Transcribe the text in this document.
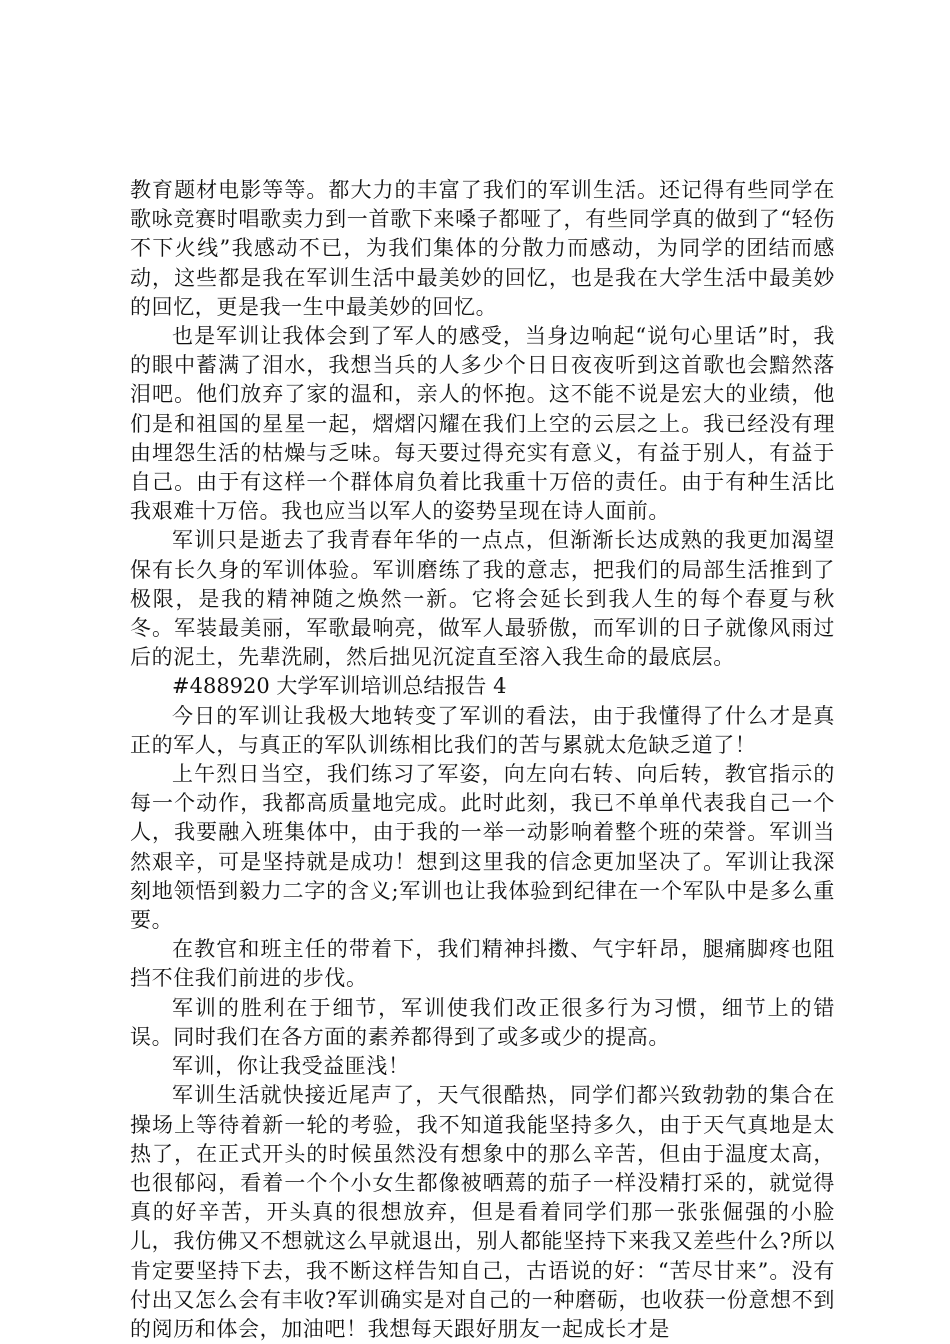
教育题材电影等等。都大力的丰富了我们的军训生活。还记得有些同学在歌咏竞赛时唱歌卖力到一首歌下来嗓子都哑了，有些同学真的做到了“轻伤不下火线”我感动不已，为我们集体的分散力而感动，为同学的团结而感动，这些都是我在军训生活中最美妙的回忆，也是我在大学生活中最美妙的回忆，更是我一生中最美妙的回忆。

也是军训让我体会到了军人的感受，当身边响起“说句心里话”时，我的眼中蓄满了泪水，我想当兵的人多少个日日夜夜听到这首歌也会黯然落泪吧。他们放弃了家的温和，亲人的怀抱。这不能不说是宏大的业绩，他们是和祖国的星星一起，熠熠闪耀在我们上空的云层之上。我已经没有理由埋怨生活的枯燥与乏味。每天要过得充实有意义，有益于别人，有益于自己。由于有这样一个群体肩负着比我重十万倍的责任。由于有种生活比我艰难十万倍。我也应当以军人的姿势呈现在诗人面前。

军训只是逝去了我青春年华的一点点，但渐渐长达成熟的我更加渴望保有长久身的军训体验。军训磨练了我的意志，把我们的局部生活推到了极限，是我的精神随之焕然一新。它将会延长到我人生的每个春夏与秋冬。军装最美丽，军歌最响亮，做军人最骄傲，而军训的日子就像风雨过后的泥土，先辈洗刷，然后拙见沉淀直至溶入我生命的最底层。

#488920 大学军训培训总结报告 4

今日的军训让我极大地转变了军训的看法，由于我懂得了什么才是真正的军人，与真正的军队训练相比我们的苦与累就太危缺乏道了！

上午烈日当空，我们练习了军姿，向左向右转、向后转，教官指示的每一个动作，我都高质量地完成。此时此刻，我已不单单代表我自己一个人，我要融入班集体中，由于我的一举一动影响着整个班的荣誉。军训当然艰辛，可是坚持就是成功！想到这里我的信念更加坚决了。军训让我深刻地领悟到毅力二字的含义;军训也让我体验到纪律在一个军队中是多么重要。

在教官和班主任的带着下，我们精神抖擞、气宇轩昂，腿痛脚疼也阻挡不住我们前进的步伐。

军训的胜利在于细节，军训使我们改正很多行为习惯，细节上的错误。同时我们在各方面的素养都得到了或多或少的提高。

军训，你让我受益匪浅！

军训生活就快接近尾声了，天气很酷热，同学们都兴致勃勃的集合在操场上等待着新一轮的考验，我不知道我能坚持多久，由于天气真地是太热了，在正式开头的时候虽然没有想象中的那么辛苦，但由于温度太高，也很郁闷，看着一个个小女生都像被晒蔫的茄子一样没精打采的，就觉得真的好辛苦，开头真的很想放弃，但是看着同学们那一张张倔强的小脸儿，我仿佛又不想就这么早就退出，别人都能坚持下来我又差些什么?所以肯定要坚持下去，我不断这样告知自己，古语说的好：“苦尽甘来”。没有付出又怎么会有丰收?军训确实是对自己的一种磨砺，也收获一份意想不到的阅历和体会，加油吧！我想每天跟好朋友一起成长才是
